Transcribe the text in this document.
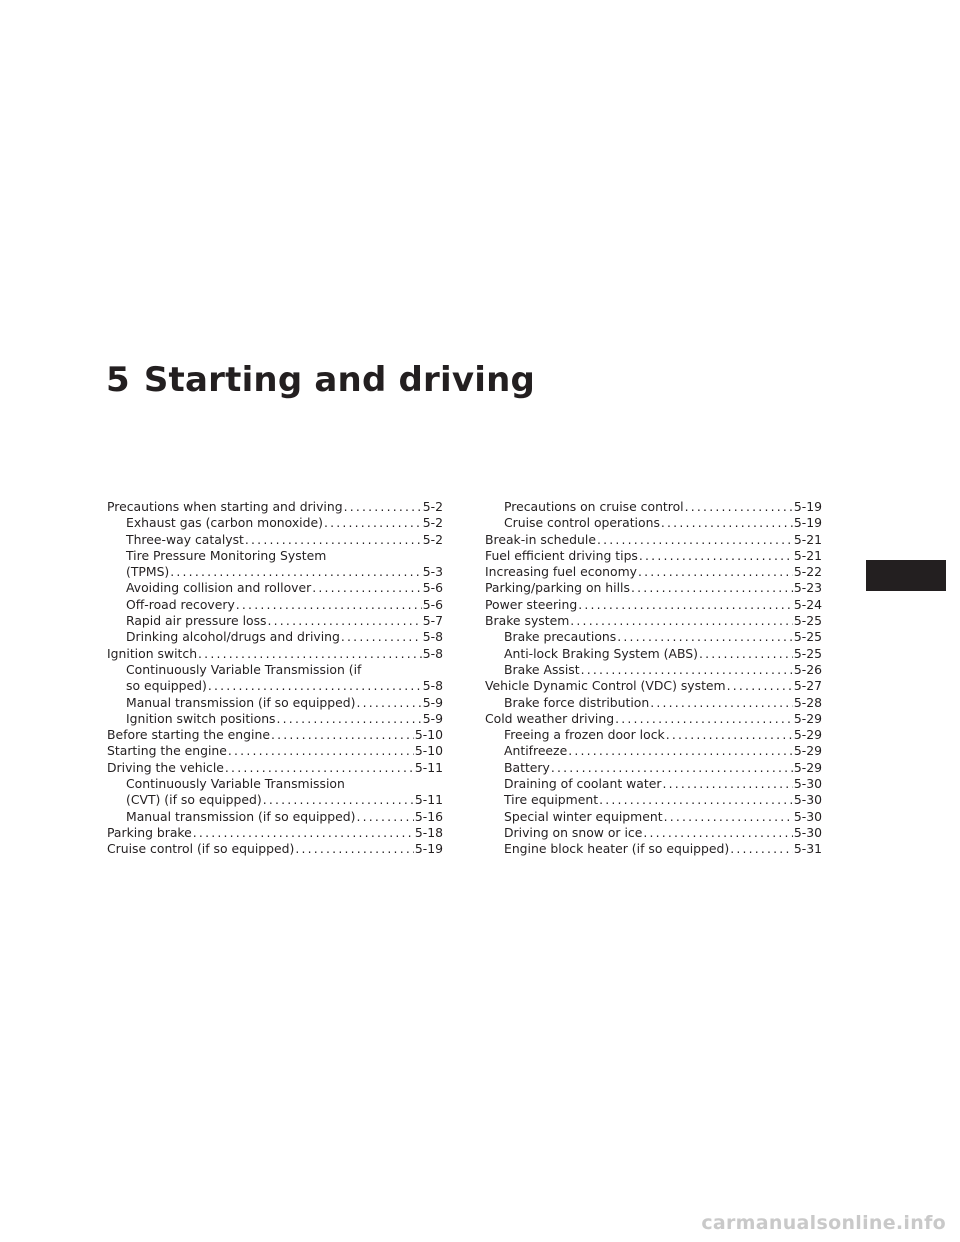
5 Starting and driving
Precautions when starting and driving .....	5-2
Exhaust gas (carbon monoxide) .....	5-2
Three-way catalyst .....	5-2
Tire Pressure Monitoring System
(TPMS) .....	5-3
Avoiding collision and rollover .....	5-6
Off-road recovery .....	5-6
Rapid air pressure loss .....	5-7
Drinking alcohol/drugs and driving .....	5-8
Ignition switch .....	5-8
Continuously Variable Transmission (if
so equipped) .....	5-8
Manual transmission (if so equipped) .....	5-9
Ignition switch positions .....	5-9
Before starting the engine .....	5-10
Starting the engine .....	5-10
Driving the vehicle .....	5-11
Continuously Variable Transmission
(CVT) (if so equipped) .....	5-11
Manual transmission (if so equipped) .....	5-16
Parking brake .....	5-18
Cruise control (if so equipped) .....	5-19
Precautions on cruise control .....	5-19
Cruise control operations .....	5-19
Break-in schedule .....	5-21
Fuel efficient driving tips .....	5-21
Increasing fuel economy .....	5-22
Parking/parking on hills .....	5-23
Power steering .....	5-24
Brake system .....	5-25
Brake precautions .....	5-25
Anti-lock Braking System (ABS) .....	5-25
Brake Assist .....	5-26
Vehicle Dynamic Control (VDC) system .....	5-27
Brake force distribution .....	5-28
Cold weather driving .....	5-29
Freeing a frozen door lock .....	5-29
Antifreeze .....	5-29
Battery .....	5-29
Draining of coolant water .....	5-30
Tire equipment .....	5-30
Special winter equipment .....	5-30
Driving on snow or ice .....	5-30
Engine block heater (if so equipped) .....	5-31
carmanualsonline.info
